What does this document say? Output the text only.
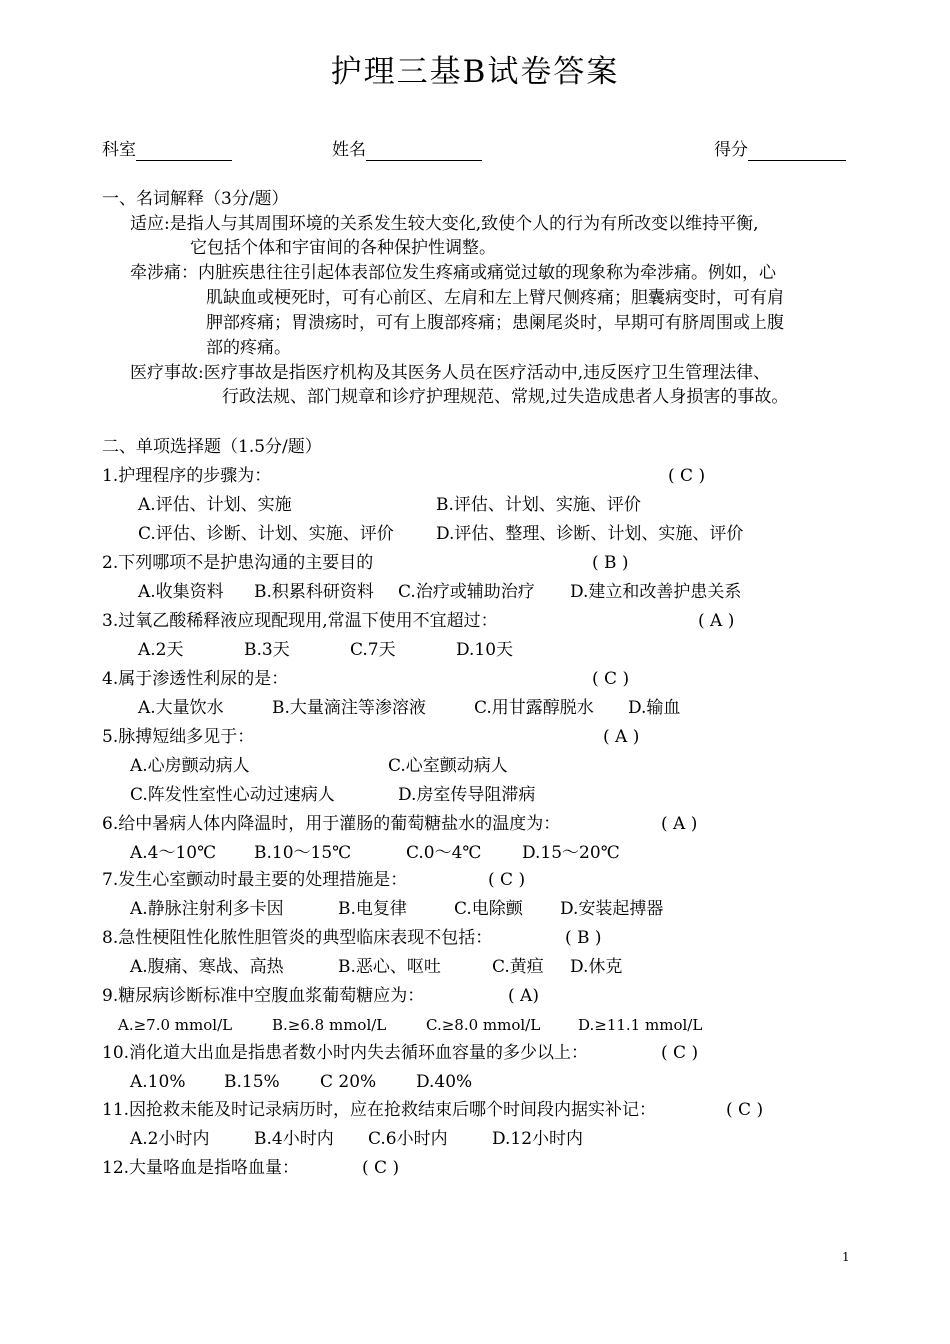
护理三基B试卷答案
科室	姓名	得分
一、名词解释（3分/题）
适应:是指人与其周围环境的关系发生较大变化,致使个人的行为有所改变以维持平衡,
它包括个体和宇宙间的各种保护性调整。
牵涉痛：内脏疾患往往引起体表部位发生疼痛或痛觉过敏的现象称为牵涉痛。例如，心
肌缺血或梗死时，可有心前区、左肩和左上臂尺侧疼痛；胆囊病变时，可有肩
胛部疼痛；胃溃疡时，可有上腹部疼痛；患阑尾炎时，早期可有脐周围或上腹
部的疼痛。
医疗事故:医疗事故是指医疗机构及其医务人员在医疗活动中,违反医疗卫生管理法律、
行政法规、部门规章和诊疗护理规范、常规,过失造成患者人身损害的事故。
二、单项选择题（1.5分/题）
1.护理程序的步骤为：	( C )
A.评估、计划、实施	B.评估、计划、实施、评价
C.评估、诊断、计划、实施、评价 D.评估、整理、诊断、计划、实施、评价
2.下列哪项不是护患沟通的主要目的	( B )
A.收集资料 B.积累科研资料 C.治疗或辅助治疗 D.建立和改善护患关系
3.过氧乙酸稀释液应现配现用,常温下使用不宜超过：	( A )
A.2天	B.3天	C.7天	D.10天
4.属于渗透性利尿的是：	( C )
A.大量饮水	B.大量滴注等渗溶液	C.用甘露醇脱水 D.输血
5.脉搏短绌多见于：	( A )
A.心房颤动病人	C.心室颤动病人
C.阵发性室性心动过速病人	D.房室传导阻滞病
6.给中暑病人体内降温时，用于灌肠的葡萄糖盐水的温度为：	( A )
A.4～10℃ B.10～15℃	C.0～4℃ D.15～20℃
7.发生心室颤动时最主要的处理措施是：	( C )
A.静脉注射利多卡因	B.电复律	C.电除颤 D.安装起搏器
8.急性梗阻性化脓性胆管炎的典型临床表现不包括：	( B )
A.腹痛、寒战、高热	B.恶心、呕吐	C.黄疸 D.休克
9.糖尿病诊断标准中空腹血浆葡萄糖应为：	( A)
A.≥7.0 mmol/L	B.≥6.8 mmol/L	C.≥8.0 mmol/L	D.≥11.1 mmol/L
10.消化道大出血是指患者数小时内失去循环血容量的多少以上：	( C )
A.10% B.15% C 20% D.40%
11.因抢救未能及时记录病历时，应在抢救结束后哪个时间段内据实补记：	( C )
A.2小时内	B.4小时内 C.6小时内	D.12小时内
12.大量咯血是指咯血量：	( C )
1
